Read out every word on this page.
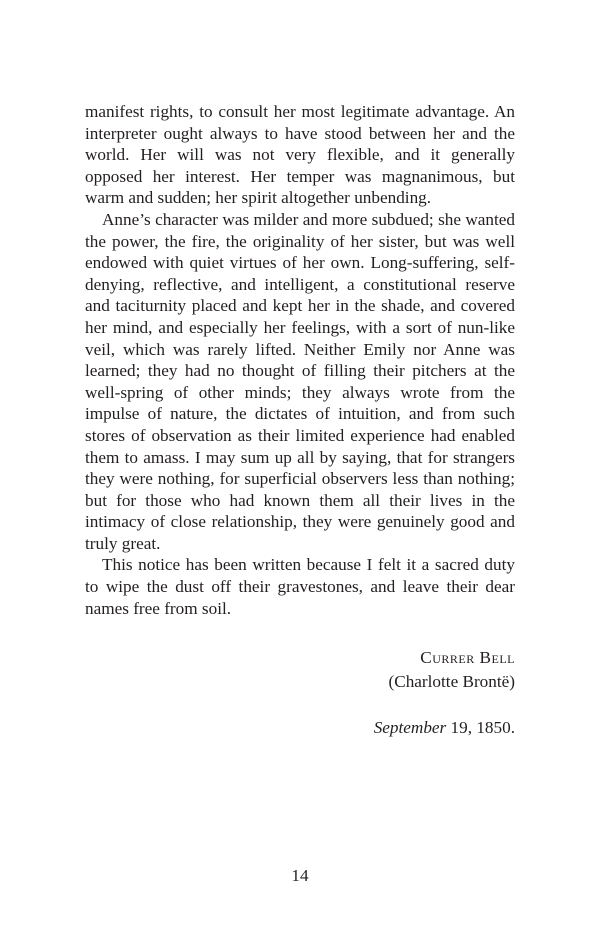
manifest rights, to consult her most legitimate advantage. An interpreter ought always to have stood between her and the world. Her will was not very flexible, and it generally opposed her interest. Her temper was magnanimous, but warm and sudden; her spirit altogether unbending.

Anne’s character was milder and more subdued; she wanted the power, the fire, the originality of her sister, but was well endowed with quiet virtues of her own. Long-suffering, self-denying, reflective, and intelligent, a constitutional reserve and taciturnity placed and kept her in the shade, and covered her mind, and especially her feelings, with a sort of nun-like veil, which was rarely lifted. Neither Emily nor Anne was learned; they had no thought of filling their pitchers at the well-spring of other minds; they always wrote from the impulse of nature, the dictates of intuition, and from such stores of observation as their limited experience had enabled them to amass. I may sum up all by saying, that for strangers they were nothing, for superficial observers less than nothing; but for those who had known them all their lives in the intimacy of close relationship, they were genuinely good and truly great.

This notice has been written because I felt it a sacred duty to wipe the dust off their gravestones, and leave their dear names free from soil.

Currer Bell
(Charlotte Brontë)
September 19, 1850.
14
